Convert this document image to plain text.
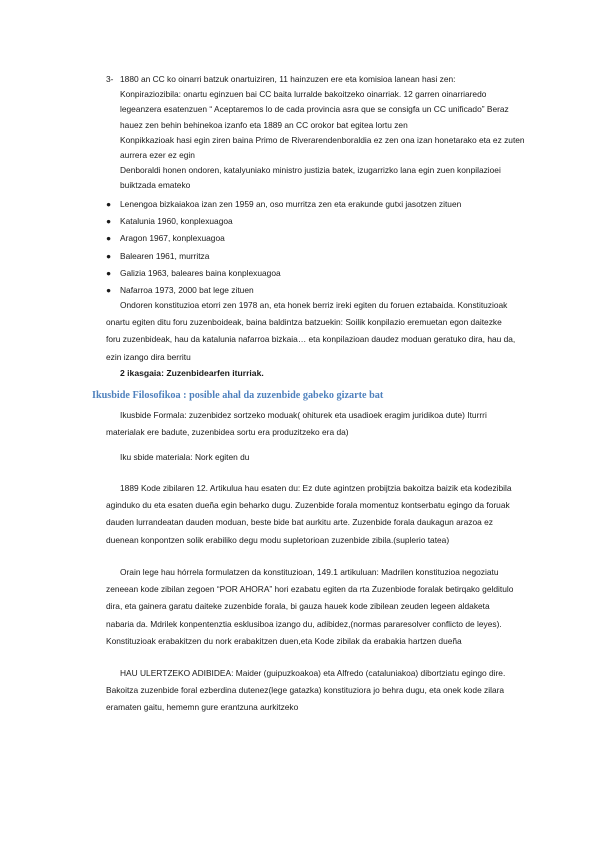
3- 1880 an CC ko oinarri batzuk onartuiziren, 11 hainzuzen ere eta komisioa lanean hasi zen:

Konpiraziozibila: onartu eginzuen bai CC baita lurralde bakoitzeko oinarriak. 12 garren oinarriaredo legeanzera esatenzuen “ Aceptaremos lo de cada provincia asra que se consigfa un CC unificado” Beraz hauez zen behin behinekoa izanfo eta 1889 an CC orokor bat egitea lortu zen

Konpikkazioak hasi egin ziren baina Primo de Riverarendenboraldia ez zen ona izan honetarako eta ez zuten aurrera ezer ez egin

Denboraldi honen ondoren, katalyuniako ministro justizia batek, izugarrizko lana egin zuen konpilazioei buiktzada emateko

● Lenengoa bizkaiakoa izan zen 1959 an, oso murritza zen eta erakunde gutxi jasotzen zituen
● Katalunia 1960, konplexuagoa
● Aragon 1967, konplexuagoa
● Balearen 1961, murritza
● Galizia 1963, baleares baina konplexuagoa
● Nafarroa 1973, 2000 bat lege zituen

Ondoren konstituzioa etorri zen 1978 an, eta honek berriz ireki egiten du foruen eztabaida. Konstituzioak onartu egiten ditu foru zuzenboideak, baina baldintza batzuekin: Soilik konpilazio eremuetan egon daitezke foru zuzenbideak, hau da katalunia nafarroa bizkaia… eta konpilazioan daudez moduan geratuko dira, hau da, ezin izango dira berritu

2 ikasgaia: Zuzenbidearfen iturriak.

Ikusbide Filosofikoa : posible ahal da zuzenbide gabeko gizarte bat

Ikusbide Formala: zuzenbidez sortzeko moduak( ohiturek eta usadioek eragim juridikoa dute) Iturrri materialak ere badute, zuzenbidea sortu era produzitzeko era da)

Iku sbide materiala: Nork egiten du

1889 Kode zibilaren 12. Artikulua hau esaten du: Ez dute agintzen probijtzia bakoitza baizik eta kodezibila aginduko du eta esaten dueña egin beharko dugu. Zuzenbide forala momentuz kontserbatu egingo da foruak dauden lurrandeatan dauden moduan, beste bide bat aurkitu arte. Zuzenbide forala daukagun arazoa ez duenean konpontzen solik erabiliko degu modu supletorioan zuzenbide zibila.(suplerio tatea)

Orain lege hau hórrela formulatzen da konstituzioan, 149.1 artikuluan: Madrilen konstituzioa negoziatu zeneean kode zibilan zegoen “POR AHORA” hori ezabatu egiten da rta Zuzenbiode foralak betirqako gelditulo dira, eta gainera garatu daiteke zuzenbide forala, bi gauza hauek kode zibilean zeuden legeen aldaketa nabaria da. Mdrilek konpentenztia esklusiboa izango du, adibidez,(normas pararesolver conflicto de leyes). Konstituzioak erabakitzen du nork erabakitzen duen,eta Kode zibilak da erabakia hartzen dueña

HAU ULERTZEKO ADIBIDEA: Maider (guipuzkoakoa) eta Alfredo (cataluniakoa) dibortziatu egingo dire. Bakoitza zuzenbide foral ezberdina dutenez(lege gatazka) konstituziora jo behra dugu, eta onek kode zilara eramaten gaitu, hememn gure erantzuna aurkitzeko
